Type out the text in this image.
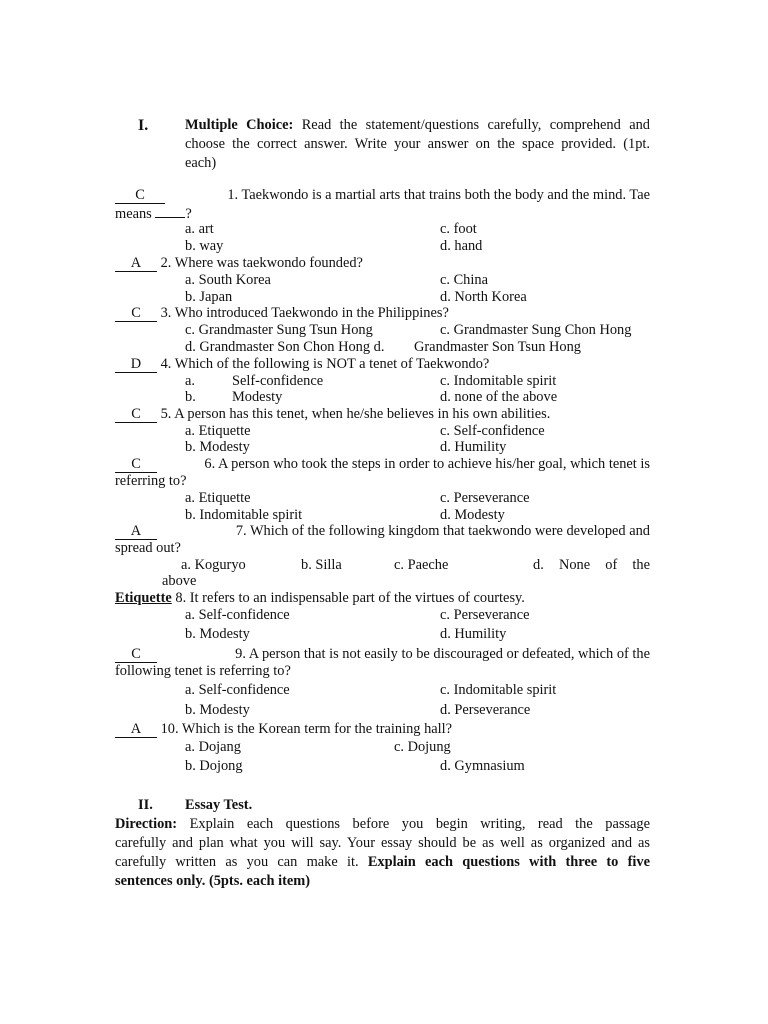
I.	Multiple Choice: Read the statement/questions carefully, comprehend and
choose the correct answer. Write your answer on the space provided. (1pt.
each)
C	1. Taekwondo is a martial arts that trains both the body and the mind. Tae
means ?
a. art	c. foot
b. way	d. hand
A 2. Where was taekwondo founded?
a. South Korea	c. China
b. Japan	d. North Korea
C 3. Who introduced Taekwondo in the Philippines?
c. Grandmaster Sung Tsun Hong	c. Grandmaster Sung Chon Hong
d. Grandmaster Son Chon Hong d. Grandmaster Son Tsun Hong
D 4. Which of the following is NOT a tenet of Taekwondo?
a.	Self-confidence	c. Indomitable spirit
b.	Modesty	d. none of the above
C 5. A person has this tenet, when he/she believes in his own abilities.
a. Etiquette	c. Self-confidence
b. Modesty	d. Humility
C	6. A person who took the steps in order to achieve his/her goal, which tenet is
referring to?
a. Etiquette	c. Perseverance
b. Indomitable spirit	d. Modesty
A	7. Which of the following kingdom that taekwondo were developed and
spread out?
a. Koguryo	b. Silla	c. Paeche	d. None of the
above
Etiquette 8. It refers to an indispensable part of the virtues of courtesy.
a. Self-confidence	c. Perseverance
b. Modesty	d. Humility
C	9. A person that is not easily to be discouraged or defeated, which of the
following tenet is referring to?
a. Self-confidence	c. Indomitable spirit
b. Modesty	d. Perseverance
A 10. Which is the Korean term for the training hall?
a. Dojang	c. Dojung
b. Dojong	d. Gymnasium
II. Essay Test.
Direction: Explain each questions before you begin writing, read the passage
carefully and plan what you will say. Your essay should be as well as organized and as
carefully written as you can make it. Explain each questions with three to five
sentences only. (5pts. each item)
